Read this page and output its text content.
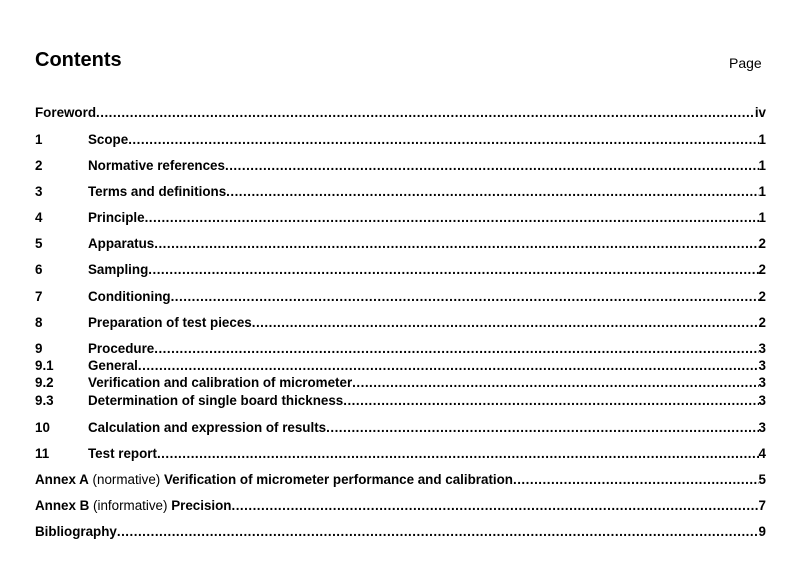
Contents	Page
Foreword .....	iv
1	Scope .....	1
2	Normative references .....	1
3	Terms and definitions .....	1
4	Principle .....	1
5	Apparatus .....	2
6	Sampling .....	2
7	Conditioning .....	2
8	Preparation of test pieces .....	2
9	Procedure .....	3
9.1	General .....	3
9.2	Verification and calibration of micrometer .....	3
9.3	Determination of single board thickness .....	3
10	Calculation and expression of results .....	3
11	Test report .....	4
Annex A (normative) Verification of micrometer performance and calibration .....	5
Annex B (informative) Precision .....	7
Bibliography .....	9
